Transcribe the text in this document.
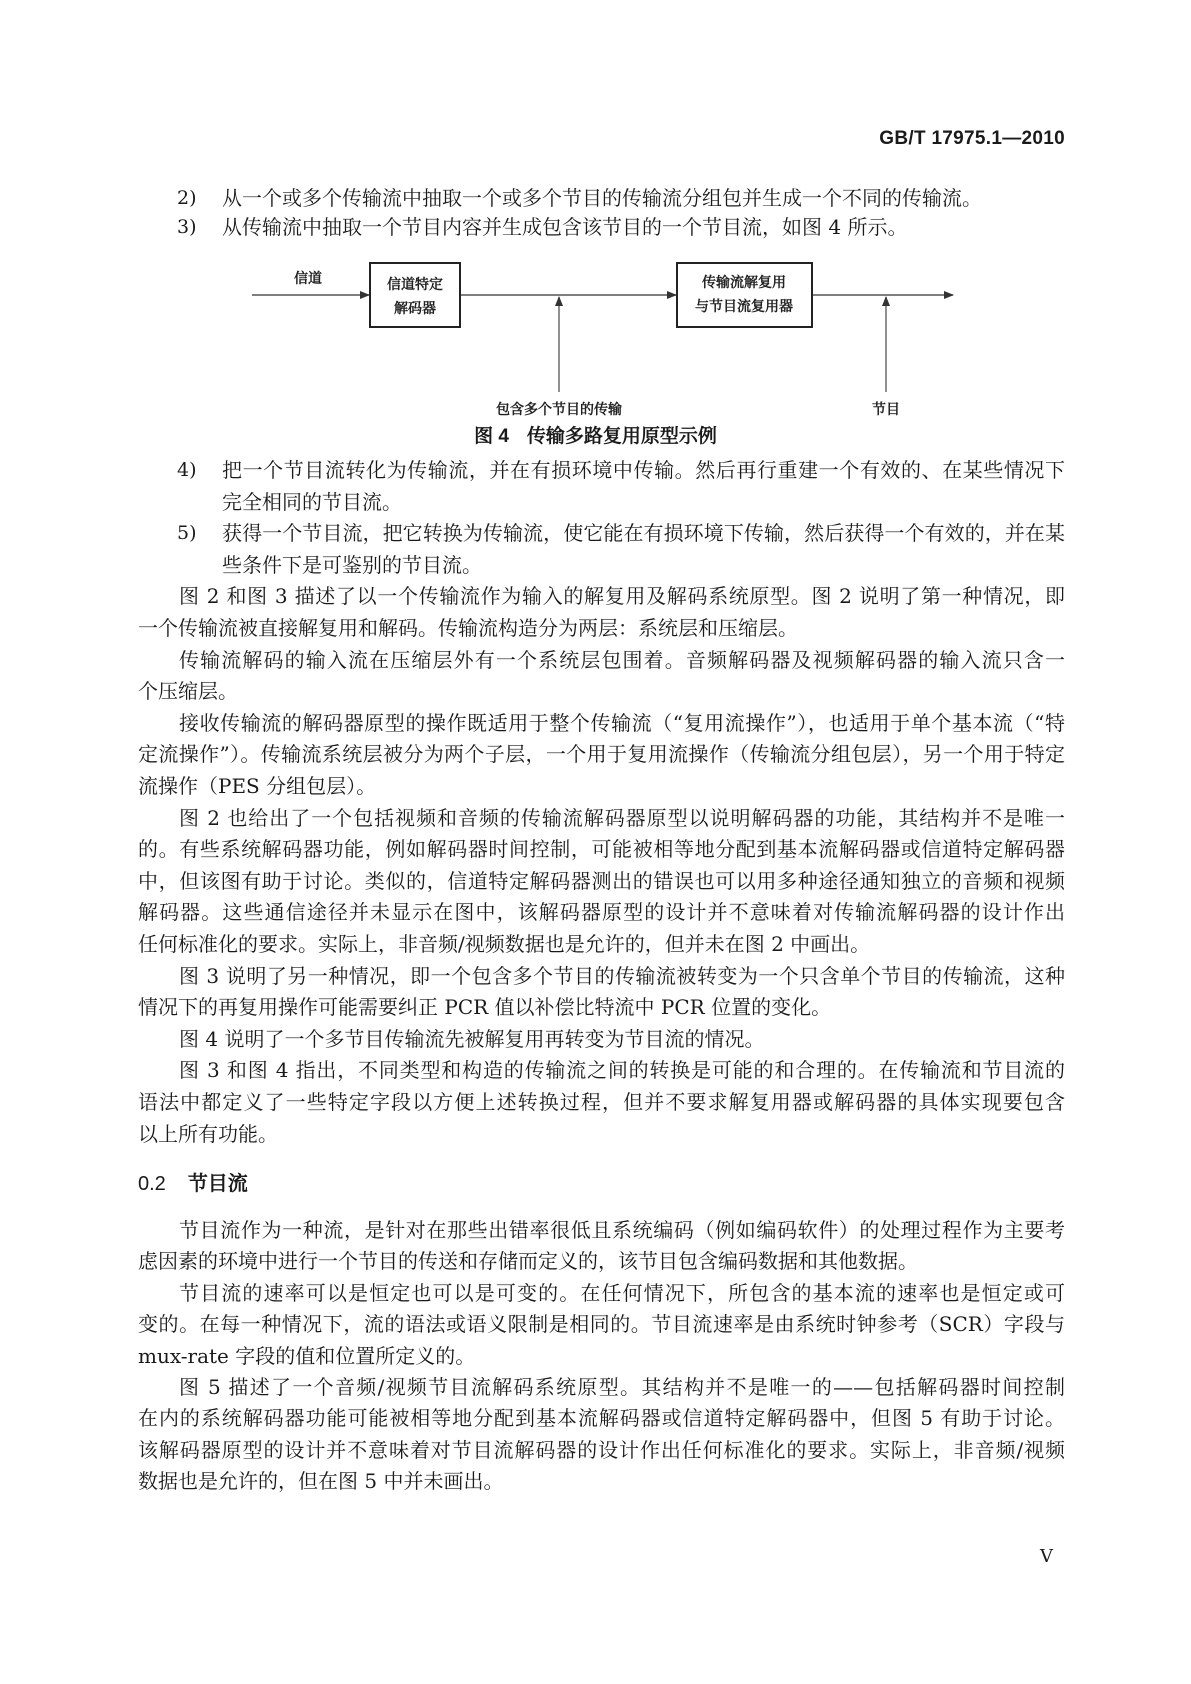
GB/T 17975.1—2010
2) 从一个或多个传输流中抽取一个或多个节目的传输流分组包并生成一个不同的传输流。
3) 从传输流中抽取一个节目内容并生成包含该节目的一个节目流，如图 4 所示。
4) 把一个节目流转化为传输流，并在有损环境中传输。然后再行重建一个有效的、在某些情况下
完全相同的节目流。
5) 获得一个节目流，把它转换为传输流，使它能在有损环境下传输，然后获得一个有效的，并在某
些条件下是可鉴别的节目流。
图 2 和图 3 描述了以一个传输流作为输入的解复用及解码系统原型。图 2 说明了第一种情况，即
一个传输流被直接解复用和解码。传输流构造分为两层：系统层和压缩层。
传输流解码的输入流在压缩层外有一个系统层包围着。音频解码器及视频解码器的输入流只含一
个压缩层。
接收传输流的解码器原型的操作既适用于整个传输流（“复用流操作”），也适用于单个基本流（“特
定流操作”）。传输流系统层被分为两个子层，一个用于复用流操作（传输流分组包层），另一个用于特定
流操作（PES 分组包层）。
图 2 也给出了一个包括视频和音频的传输流解码器原型以说明解码器的功能，其结构并不是唯一
的。有些系统解码器功能，例如解码器时间控制，可能被相等地分配到基本流解码器或信道特定解码器
中，但该图有助于讨论。类似的，信道特定解码器测出的错误也可以用多种途径通知独立的音频和视频
解码器。这些通信途径并未显示在图中，该解码器原型的设计并不意味着对传输流解码器的设计作出
任何标准化的要求。实际上，非音频/视频数据也是允许的，但并未在图 2 中画出。
图 3 说明了另一种情况，即一个包含多个节目的传输流被转变为一个只含单个节目的传输流，这种
情况下的再复用操作可能需要纠正 PCR 值以补偿比特流中 PCR 位置的变化。
图 4 说明了一个多节目传输流先被解复用再转变为节目流的情况。
图 3 和图 4 指出，不同类型和构造的传输流之间的转换是可能的和合理的。在传输流和节目流的
语法中都定义了一些特定字段以方便上述转换过程，但并不要求解复用器或解码器的具体实现要包含
以上所有功能。
节目流作为一种流，是针对在那些出错率很低且系统编码（例如编码软件）的处理过程作为主要考
虑因素的环境中进行一个节目的传送和存储而定义的，该节目包含编码数据和其他数据。
节目流的速率可以是恒定也可以是可变的。在任何情况下，所包含的基本流的速率也是恒定或可
变的。在每一种情况下，流的语法或语义限制是相同的。节目流速率是由系统时钟参考（SCR）字段与
mux-rate 字段的值和位置所定义的。
图 5 描述了一个音频/视频节目流解码系统原型。其结构并不是唯一的——包括解码器时间控制
在内的系统解码器功能可能被相等地分配到基本流解码器或信道特定解码器中，但图 5 有助于讨论。
该解码器原型的设计并不意味着对节目流解码器的设计作出任何标准化的要求。实际上，非音频/视频
数据也是允许的，但在图 5 中并未画出。
信道	信道特定
解码器
传输流解复用
与节目流复用器
包含多个节目的传输	节目
图 4 传输多路复用原型示例
0.2 节目流
V
